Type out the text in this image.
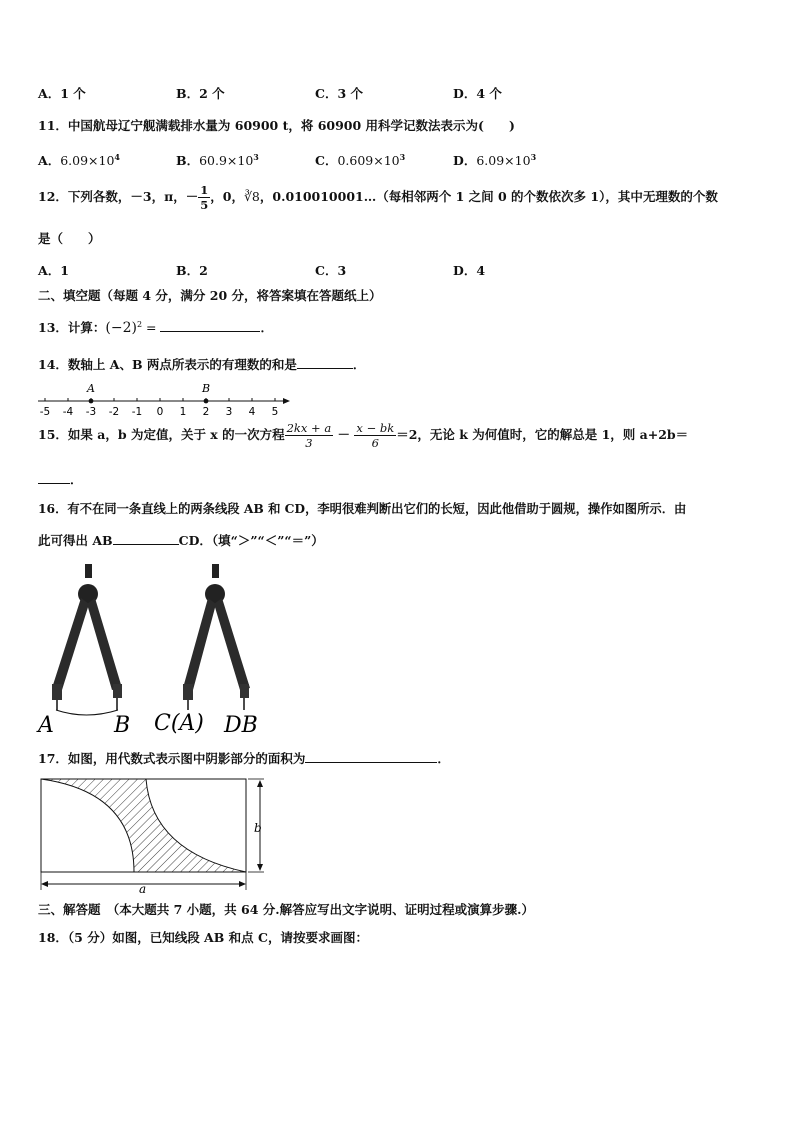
A．1 个	B．2 个	C．3 个	D．4 个
11．中国航母辽宁舰满载排水量为 60900 t，将 60900 用科学记数法表示为(　　)
A．$6.09\times 10^4$	B．$60.9\times 10^3$	C．$0.609\times 10^3$	D．$6.09\times 10^3$
12．下列各数，－3，π，－ $\frac{1}{5}$ ，0，∛8，0.010010001…（每相邻两个 1 之间 0 的个数依次多 1），其中无理数的个数
是（　　）
A．1	B．2	C．3	D．4
二、填空题（每题 4 分，满分 20 分，将答案填在答题纸上）
13．计算：$(-2)^2$ =	．
14．数轴上 A、B 两点所表示的有理数的和是	．
-5 -4 -3 -2 -1 0 1 2 3 4 5
A	B
15．如果 a，b 为定值，关于 x 的一次方程 $\frac{2kx + a}{3} - \frac{x - bk}{6} =2$，无论 k 为何值时，它的解总是 1，则 a+2b＝
．
16．有不在同一条直线上的两条线段 AB 和 CD，李明很难判断出它们的长短，因此他借助于圆规，操作如图所示．由
此可得出 AB	CD．（填“＞”“＜”“＝”）
A	B C(A) DB
17．如图，用代数式表示图中阴影部分的面积为	．
b
a
三、解答题　（本大题共 7 小题，共 64 分.解答应写出文字说明、证明过程或演算步骤.）
18．（5 分）如图，已知线段 AB 和点 C，请按要求画图：
